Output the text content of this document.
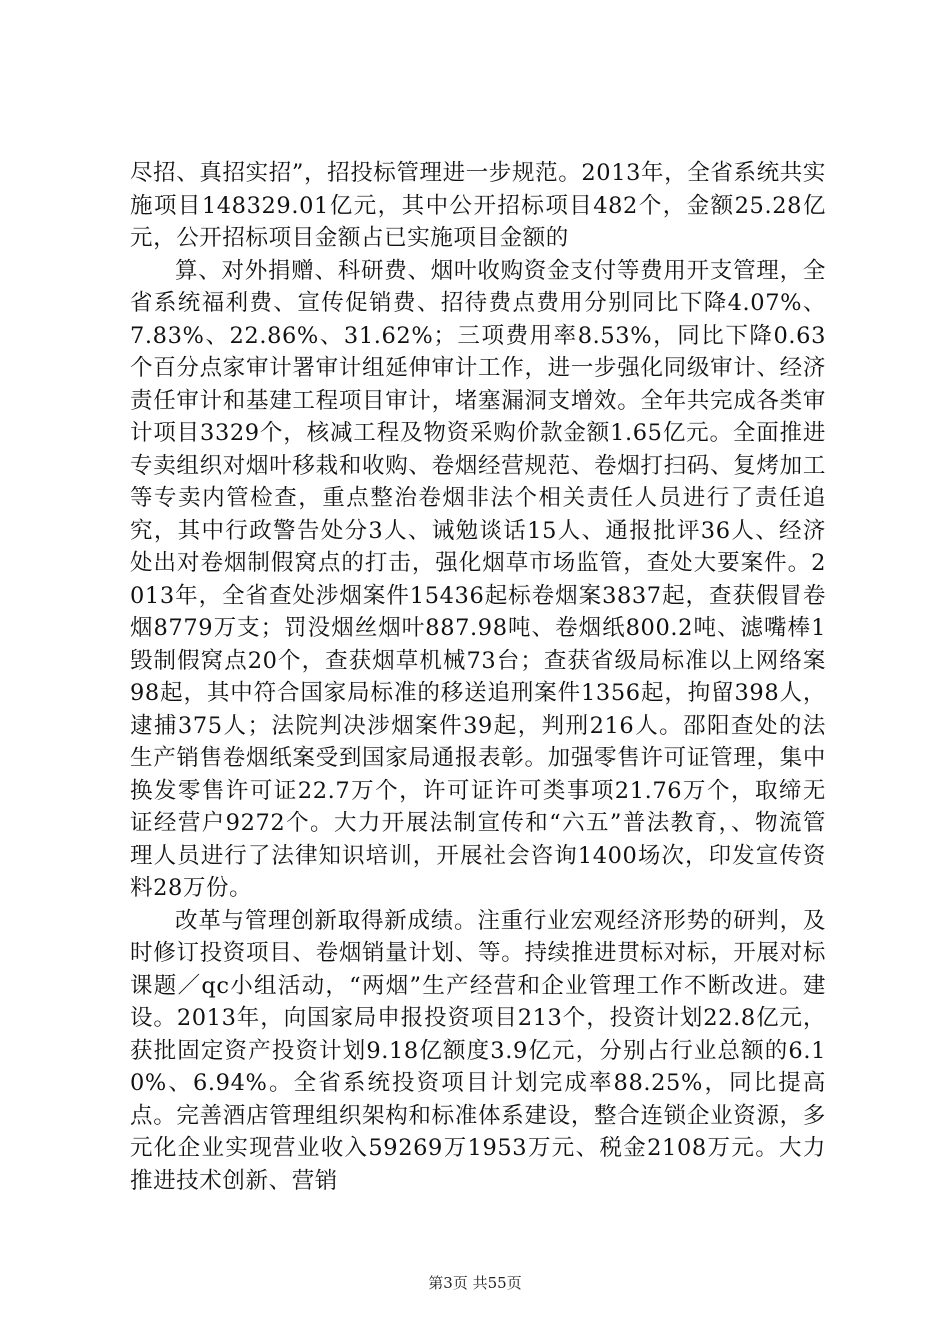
尽招、真招实招”，招投标管理进一步规范。2013年，全省系统共实施项目148329.01亿元，其中公开招标项目482个，金额25.28亿元，公开招标项目金额占已实施项目金额的

算、对外捐赠、科研费、烟叶收购资金支付等费用开支管理，全省系统福利费、宣传促销费、招待费点费用分别同比下降4.07%、7.83%、22.86%、31.62%；三项费用率8.53%，同比下降0.63个百分点家审计署审计组延伸审计工作，进一步强化同级审计、经济责任审计和基建工程项目审计，堵塞漏洞支增效。全年共完成各类审计项目3329个，核减工程及物资采购价款金额1.65亿元。全面推进专卖组织对烟叶移栽和收购、卷烟经营规范、卷烟打扫码、复烤加工等专卖内管检查，重点整治卷烟非法个相关责任人员进行了责任追究，其中行政警告处分3人、诫勉谈话15人、通报批评36人、经济处出对卷烟制假窝点的打击，强化烟草市场监管，查处大要案件。2013年，全省查处涉烟案件15436起标卷烟案3837起，查获假冒卷烟8779万支；罚没烟丝烟叶887.98吨、卷烟纸800.2吨、滤嘴棒1毁制假窝点20个，查获烟草机械73台；查获省级局标准以上网络案98起，其中符合国家局标准的移送追刑案件1356起，拘留398人，逮捕375人；法院判决涉烟案件39起，判刑216人。邵阳查处的法生产销售卷烟纸案受到国家局通报表彰。加强零售许可证管理，集中换发零售许可证22.7万个，许可证许可类事项21.76万个，取缔无证经营户9272个。大力开展法制宣传和“六五”普法教育，、物流管理人员进行了法律知识培训，开展社会咨询1400场次，印发宣传资料28万份。

改革与管理创新取得新成绩。注重行业宏观经济形势的研判，及时修订投资项目、卷烟销量计划、等。持续推进贯标对标，开展对标课题／qc小组活动，“两烟”生产经营和企业管理工作不断改进。建设。2013年，向国家局申报投资项目213个，投资计划22.8亿元，获批固定资产投资计划9.18亿额度3.9亿元，分别占行业总额的6.10%、6.94%。全省系统投资项目计划完成率88.25%，同比提高点。完善酒店管理组织架构和标准体系建设，整合连锁企业资源，多元化企业实现营业收入59269万1953万元、税金2108万元。大力推进技术创新、营销

第3页 共55页
